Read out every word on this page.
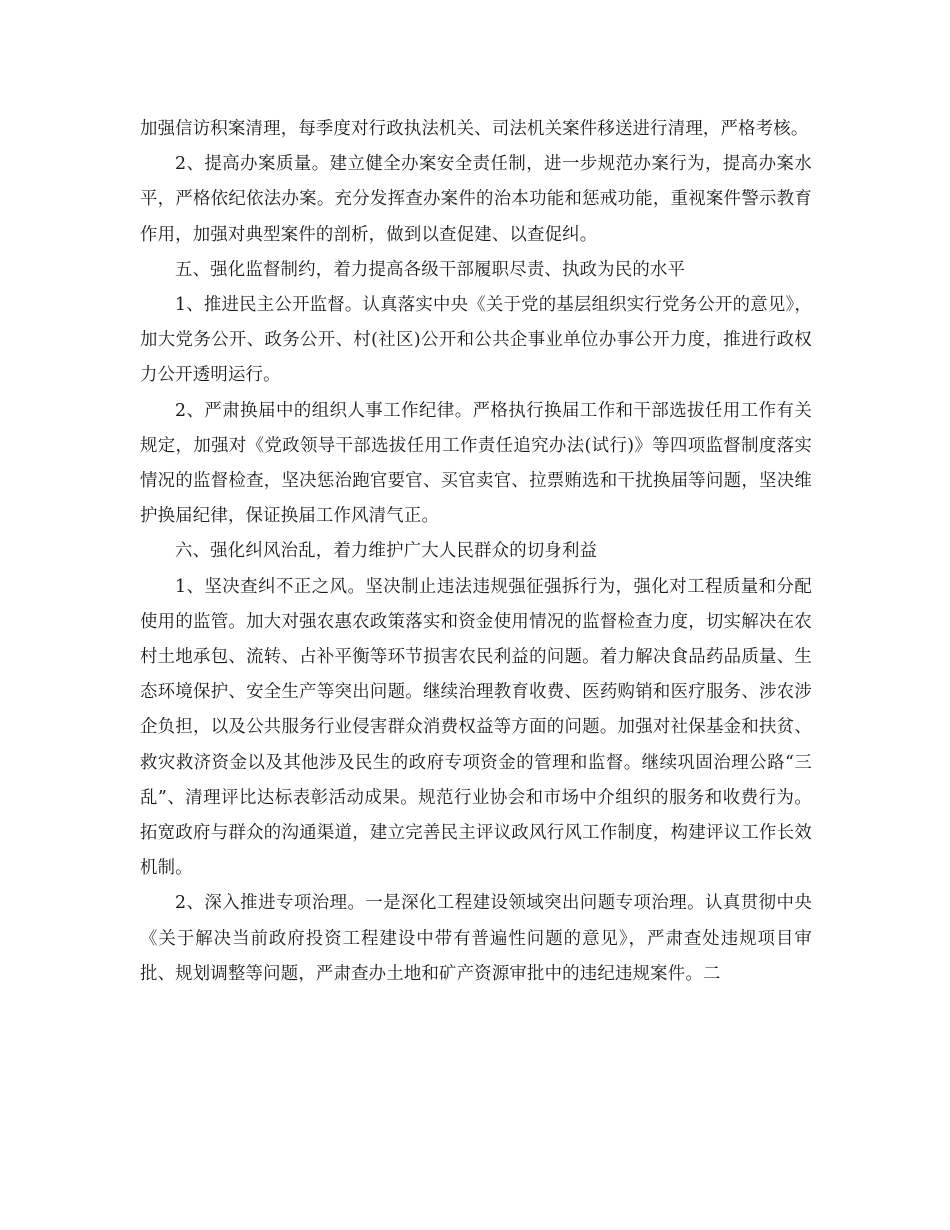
加强信访积案清理，每季度对行政执法机关、司法机关案件移送进行清理，严格考核。

2、提高办案质量。建立健全办案安全责任制，进一步规范办案行为，提高办案水平，严格依纪依法办案。充分发挥查办案件的治本功能和惩戒功能，重视案件警示教育作用，加强对典型案件的剖析，做到以查促建、以查促纠。

五、强化监督制约，着力提高各级干部履职尽责、执政为民的水平

1、推进民主公开监督。认真落实中央《关于党的基层组织实行党务公开的意见》，加大党务公开、政务公开、村(社区)公开和公共企事业单位办事公开力度，推进行政权力公开透明运行。

2、严肃换届中的组织人事工作纪律。严格执行换届工作和干部选拔任用工作有关规定，加强对《党政领导干部选拔任用工作责任追究办法(试行)》等四项监督制度落实情况的监督检查，坚决惩治跑官要官、买官卖官、拉票贿选和干扰换届等问题，坚决维护换届纪律，保证换届工作风清气正。

六、强化纠风治乱，着力维护广大人民群众的切身利益

1、坚决查纠不正之风。坚决制止违法违规强征强拆行为，强化对工程质量和分配使用的监管。加大对强农惠农政策落实和资金使用情况的监督检查力度，切实解决在农村土地承包、流转、占补平衡等环节损害农民利益的问题。着力解决食品药品质量、生态环境保护、安全生产等突出问题。继续治理教育收费、医药购销和医疗服务、涉农涉企负担，以及公共服务行业侵害群众消费权益等方面的问题。加强对社保基金和扶贫、救灾救济资金以及其他涉及民生的政府专项资金的管理和监督。继续巩固治理公路“三乱”、清理评比达标表彰活动成果。规范行业协会和市场中介组织的服务和收费行为。拓宽政府与群众的沟通渠道，建立完善民主评议政风行风工作制度，构建评议工作长效机制。

2、深入推进专项治理。一是深化工程建设领域突出问题专项治理。认真贯彻中央《关于解决当前政府投资工程建设中带有普遍性问题的意见》，严肃查处违规项目审批、规划调整等问题，严肃查办土地和矿产资源审批中的违纪违规案件。二
